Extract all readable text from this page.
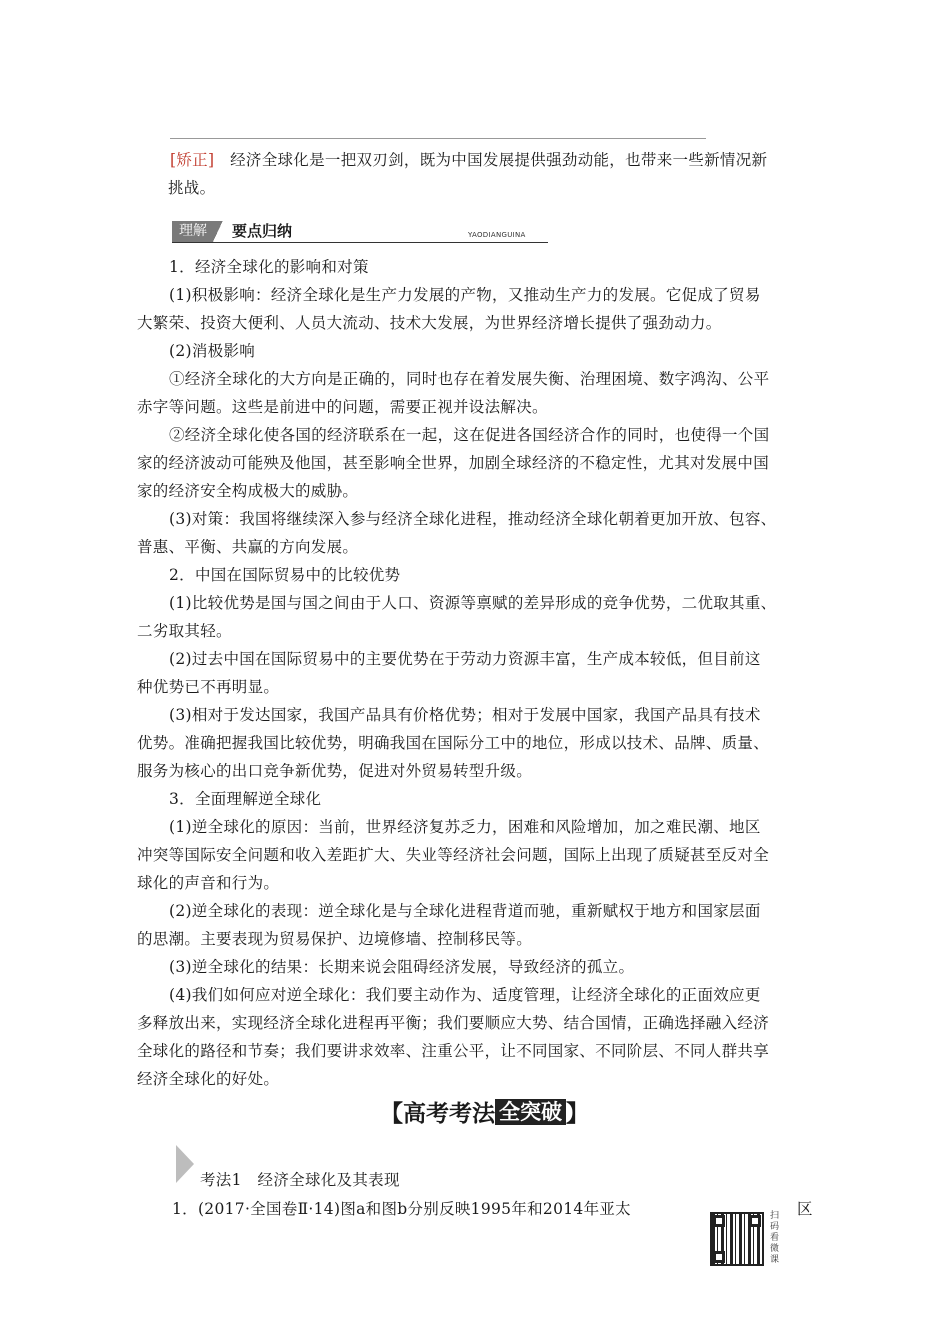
[矫正]　 经济全球化是一把双刃剑，既为中国发展提供强劲动能，也带来一些新情况新
挑战。
理解	要点归纳	YAODIANGUINA
1．经济全球化的影响和对策
(1)积极影响：经济全球化是生产力发展的产物，又推动生产力的发展。它促成了贸易
大繁荣、投资大便利、人员大流动、技术大发展，为世界经济增长提供了强劲动力。
(2)消极影响
①经济全球化的大方向是正确的，同时也存在着发展失衡、治理困境、数字鸿沟、公平
赤字等问题。这些是前进中的问题，需要正视并设法解决。
②经济全球化使各国的经济联系在一起，这在促进各国经济合作的同时，也使得一个国
家的经济波动可能殃及他国，甚至影响全世界，加剧全球经济的不稳定性，尤其对发展中国
家的经济安全构成极大的威胁。
(3)对策：我国将继续深入参与经济全球化进程，推动经济全球化朝着更加开放、包容、
普惠、平衡、共赢的方向发展。
2．中国在国际贸易中的比较优势
(1)比较优势是国与国之间由于人口、资源等禀赋的差异形成的竞争优势，二优取其重、
二劣取其轻。
(2)过去中国在国际贸易中的主要优势在于劳动力资源丰富，生产成本较低，但目前这
种优势已不再明显。
(3)相对于发达国家，我国产品具有价格优势；相对于发展中国家，我国产品具有技术
优势。准确把握我国比较优势，明确我国在国际分工中的地位，形成以技术、品牌、质量、
服务为核心的出口竞争新优势，促进对外贸易转型升级。
3．全面理解逆全球化
(1)逆全球化的原因：当前，世界经济复苏乏力，困难和风险增加，加之难民潮、地区
冲突等国际安全问题和收入差距扩大、失业等经济社会问题，国际上出现了质疑甚至反对全
球化的声音和行为。
(2)逆全球化的表现：逆全球化是与全球化进程背道而驰，重新赋权于地方和国家层面
的思潮。主要表现为贸易保护、边境修墙、控制移民等。
(3)逆全球化的结果：长期来说会阻碍经济发展，导致经济的孤立。
(4)我们如何应对逆全球化：我们要主动作为、适度管理，让经济全球化的正面效应更
多释放出来，实现经济全球化进程再平衡；我们要顺应大势、结合国情，正确选择融入经济
全球化的路径和节奏；我们要讲求效率、注重公平，让不同国家、不同阶层、不同人群共享
经济全球化的好处。
【高考考法 全突破 】
QUANTUPO
考法1　经济全球化及其表现
1．(2017·全国卷Ⅱ·14)图a和图b分别反映1995年和2014年亚太	区
扫码看微课
